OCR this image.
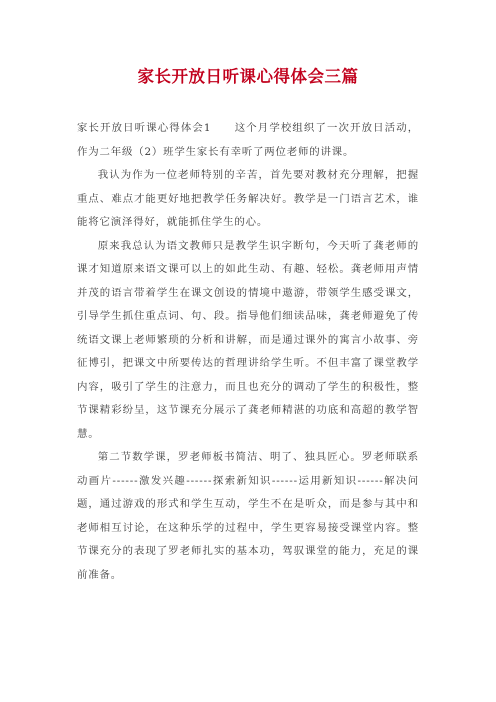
家长开放日听课心得体会三篇

家长开放日听课心得体会1　　这个月学校组织了一次开放日活动，作为二年级（2）班学生家长有幸听了两位老师的讲课。

我认为作为一位老师特别的辛苦，首先要对教材充分理解，把握重点、难点才能更好地把教学任务解决好。教学是一门语言艺术，谁能将它演泽得好，就能抓住学生的心。

原来我总认为语文教师只是教学生识字断句，今天听了龚老师的课才知道原来语文课可以上的如此生动、有趣、轻松。龚老师用声情并茂的语言带着学生在课文创设的情境中遨游，带领学生感受课文，引导学生抓住重点词、句、段。指导他们细读品味，龚老师避免了传统语文课上老师繁琐的分析和讲解，而是通过课外的寓言小故事、旁征博引，把课文中所要传达的哲理讲给学生听。不但丰富了课堂教学内容，吸引了学生的注意力，而且也充分的调动了学生的积极性，整节课精彩纷呈，这节课充分展示了龚老师精湛的功底和高超的教学智慧。

第二节数学课，罗老师板书简洁、明了、独具匠心。罗老师联系动画片------激发兴趣------探索新知识------运用新知识------解决问题，通过游戏的形式和学生互动，学生不在是听众，而是参与其中和老师相互讨论，在这种乐学的过程中，学生更容易接受课堂内容。整节课充分的表现了罗老师扎实的基本功，驾驭课堂的能力，充足的课前准备。
